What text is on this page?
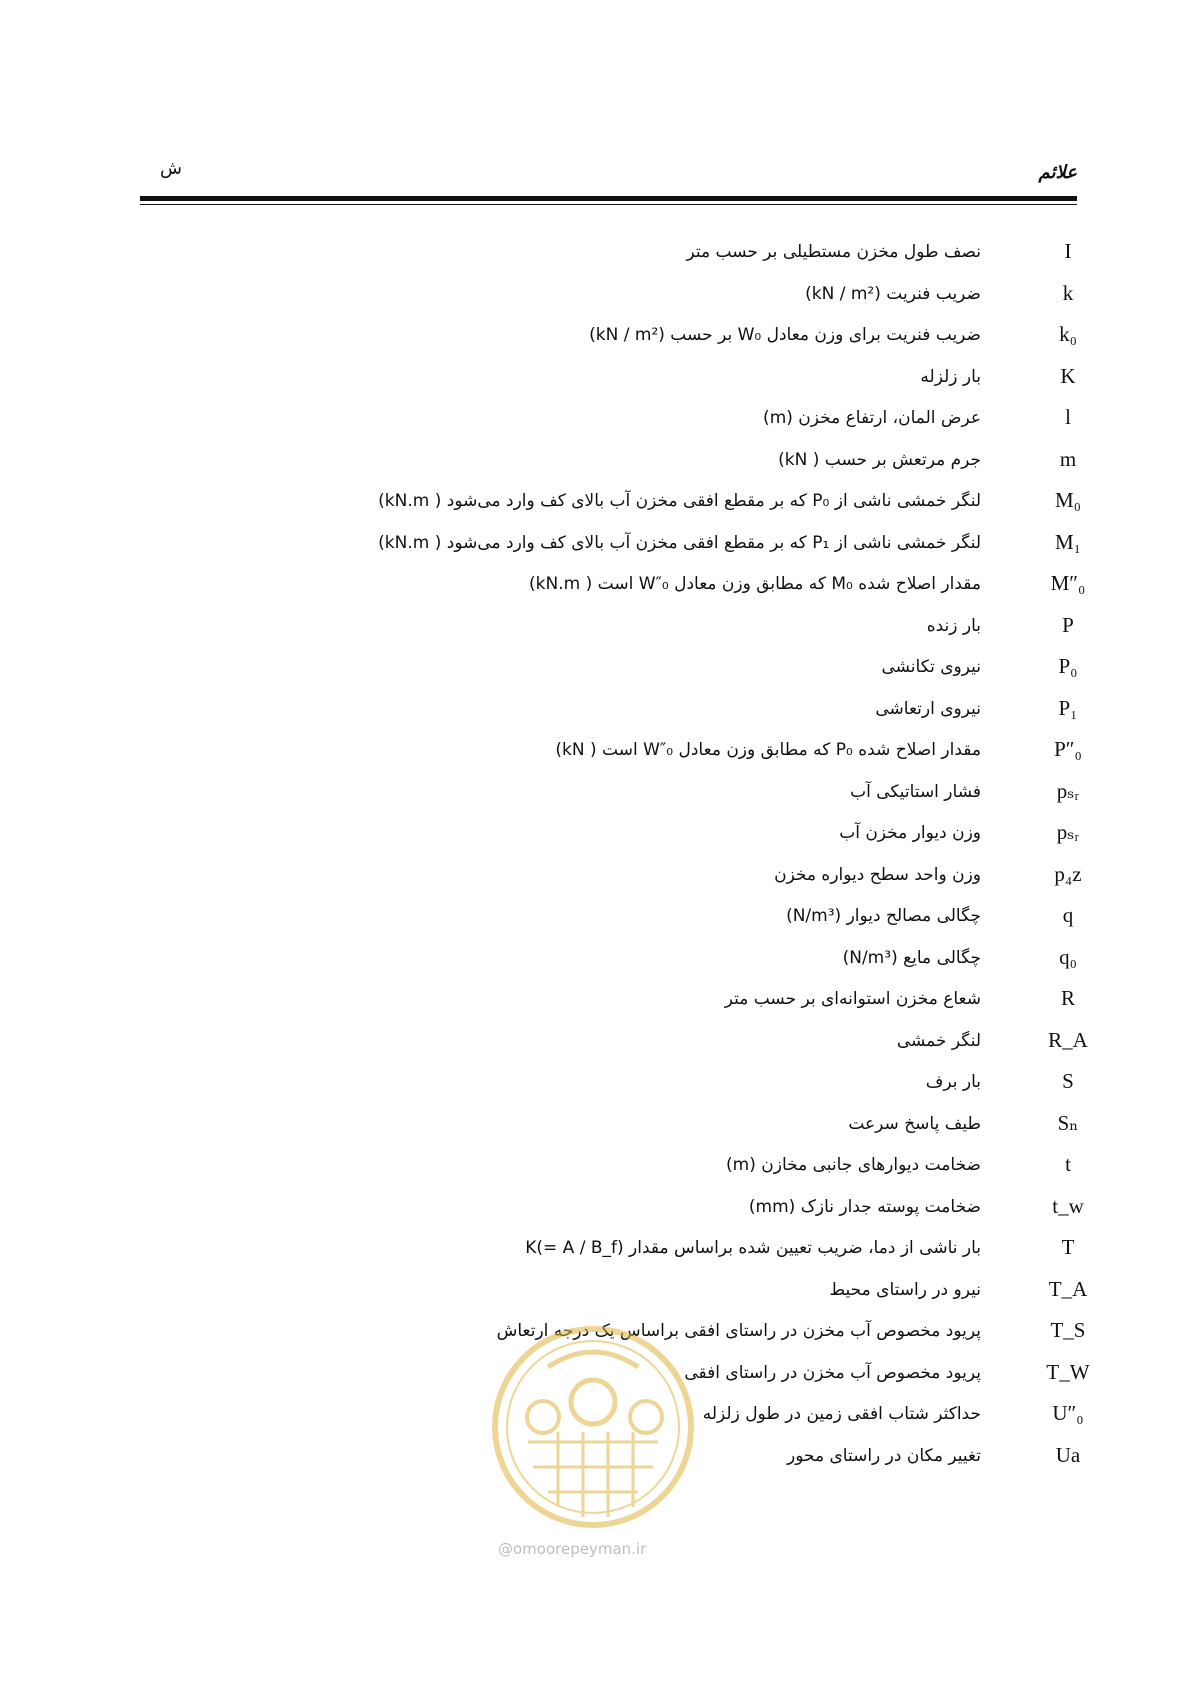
ش	علائم
I
نصف طول مخزن مستطیلی بر حسب متر
k
ضریب فنریت (kN / m²)
k₀
ضریب فنریت برای وزن معادل W₀ بر حسب (kN / m²)
K
بار زلزله
l
عرض المان، ارتفاع مخزن (m)
m
جرم مرتعش بر حسب ( kN)
M₀
لنگر خمشی ناشی از P₀ که بر مقطع افقی مخزن آب بالای کف وارد می‌شود ( kN.m)
M₁
لنگر خمشی ناشی از P₁ که بر مقطع افقی مخزن آب بالای کف وارد می‌شود ( kN.m)
M″₀
مقدار اصلاح شده M₀ که مطابق وزن معادل W″₀ است ( kN.m)
P
بار زنده
P₀
نیروی تکانشی
P₁
نیروی ارتعاشی
P″₀
مقدار اصلاح شده P₀ که مطابق وزن معادل W″₀ است ( kN)
pₛᵣ
فشار استاتیکی آب
pₛᵣ
وزن دیوار مخزن آب
p₄z
وزن واحد سطح دیواره مخزن
q
چگالی مصالح دیوار (N/m³)
q₀
چگالی مایع (N/m³)
R
شعاع مخزن استوانه‌ای بر حسب متر
R_A
لنگر خمشی
S
بار برف
Sₙ
طیف پاسخ سرعت
t
ضخامت دیوارهای جانبی مخازن (m)
t_w
ضخامت پوسته جدار نازک (mm)
T
بار ناشی از دما، ضریب تعیین شده براساس مقدار K(= A / B_f)
T_A
نیرو در راستای محیط
T_S
پریود مخصوص آب مخزن در راستای افقی براساس یک درجه ارتعاش
T_W
پریود مخصوص آب مخزن در راستای افقی
U″₀
حداکثر شتاب افقی زمین در طول زلزله
Ua
تغییر مکان در راستای محور
@omoorepeyman.ir
